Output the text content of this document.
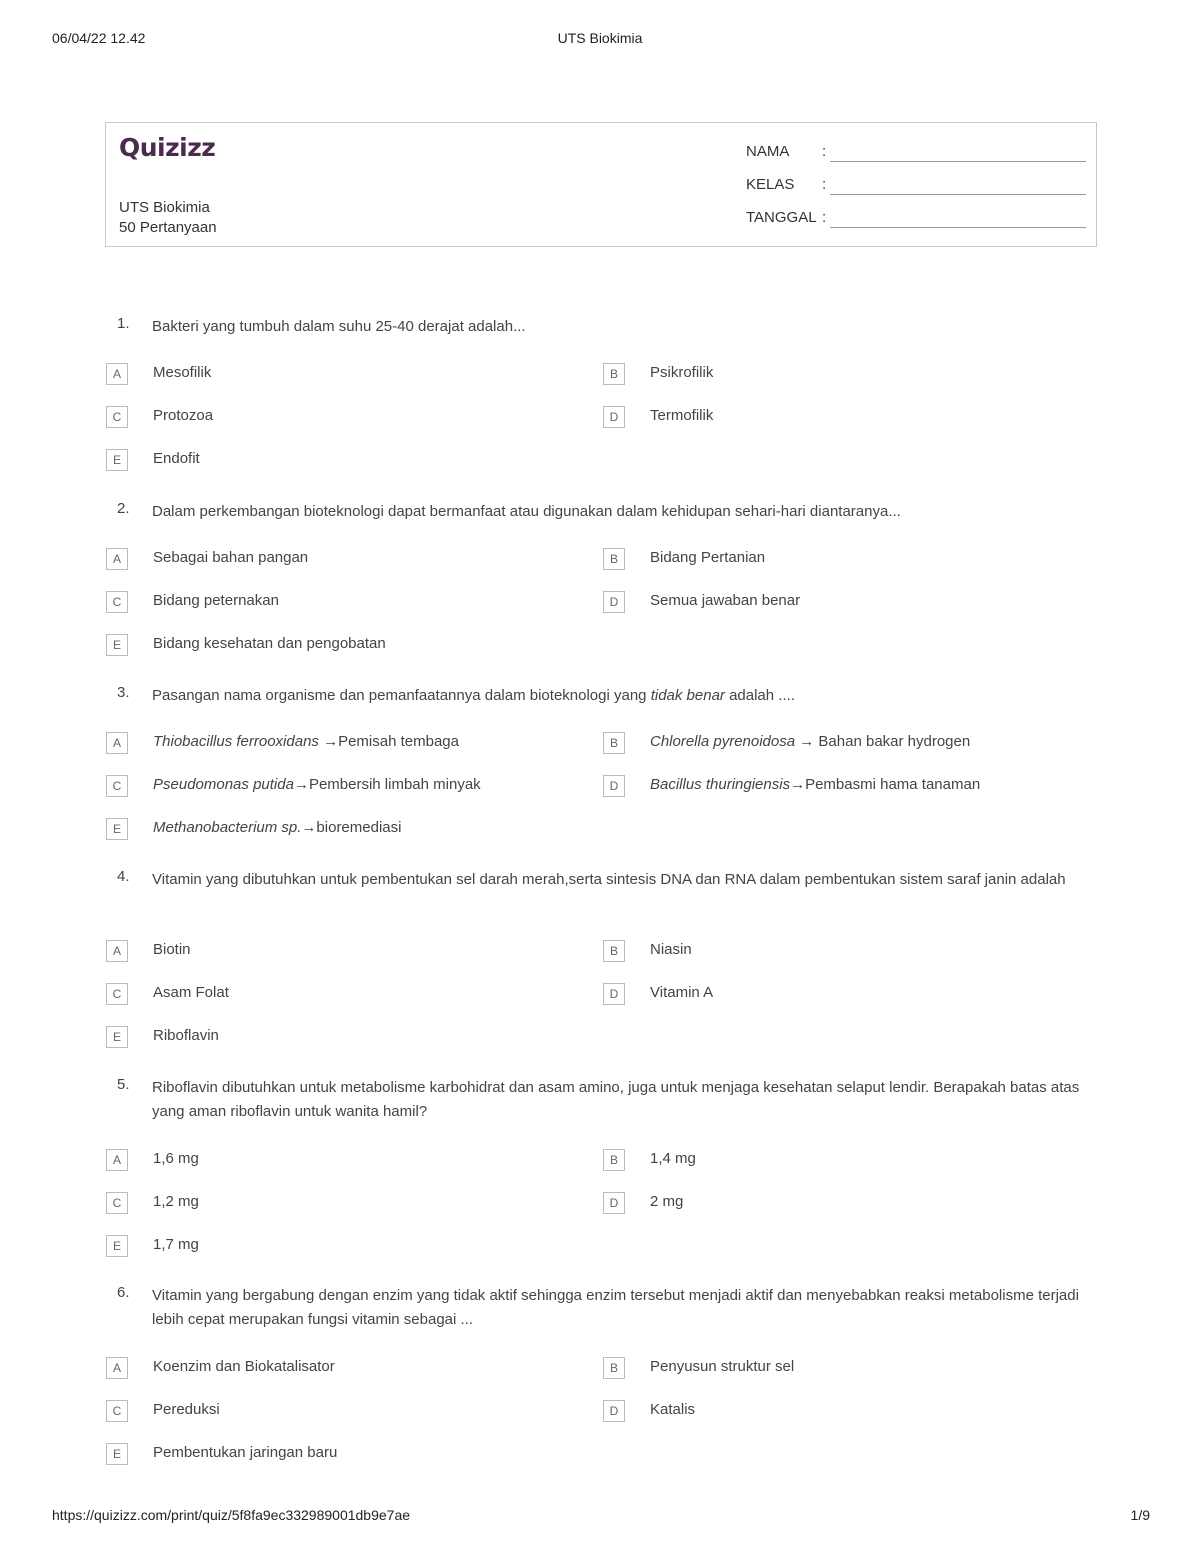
06/04/22 12.42	UTS Biokimia
Quizizz
UTS Biokimia
50 Pertanyaan
NAMA :
KELAS :
TANGGAL :
1. Bakteri yang tumbuh dalam suhu 25-40 derajat adalah...
A	Mesofilik	B	Psikrofilik
C	Protozoa	D	Termofilik
E	Endofit
2. Dalam perkembangan bioteknologi dapat bermanfaat atau digunakan dalam kehidupan sehari-hari diantaranya...
A	Sebagai bahan pangan	B	Bidang Pertanian
C	Bidang peternakan	D	Semua jawaban benar
E	Bidang kesehatan dan pengobatan
3. Pasangan nama organisme dan pemanfaatannya dalam bioteknologi yang tidak benar adalah ....
A	Thiobacillus ferrooxidans →Pemisah tembaga	B	Chlorella pyrenoidosa → Bahan bakar hydrogen
C	Pseudomonas putida→Pembersih limbah minyak	D	Bacillus thuringiensis→Pembasmi hama tanaman
E	Methanobacterium sp.→bioremediasi
4. Vitamin yang dibutuhkan untuk pembentukan sel darah merah,serta sintesis DNA dan RNA dalam pembentukan sistem saraf janin adalah
A	Biotin	B	Niasin
C	Asam Folat	D	Vitamin A
E	Riboflavin
5. Riboflavin dibutuhkan untuk metabolisme karbohidrat dan asam amino, juga untuk menjaga kesehatan selaput lendir. Berapakah batas atas yang aman riboflavin untuk wanita hamil?
A	1,6 mg	B	1,4 mg
C	1,2 mg	D	2 mg
E	1,7 mg
6. Vitamin yang bergabung dengan enzim yang tidak aktif sehingga enzim tersebut menjadi aktif dan menyebabkan reaksi metabolisme terjadi lebih cepat merupakan fungsi vitamin sebagai ...
A	Koenzim dan Biokatalisator	B	Penyusun struktur sel
C	Pereduksi	D	Katalis
E	Pembentukan jaringan baru
https://quizizz.com/print/quiz/5f8fa9ec332989001db9e7ae	1/9
